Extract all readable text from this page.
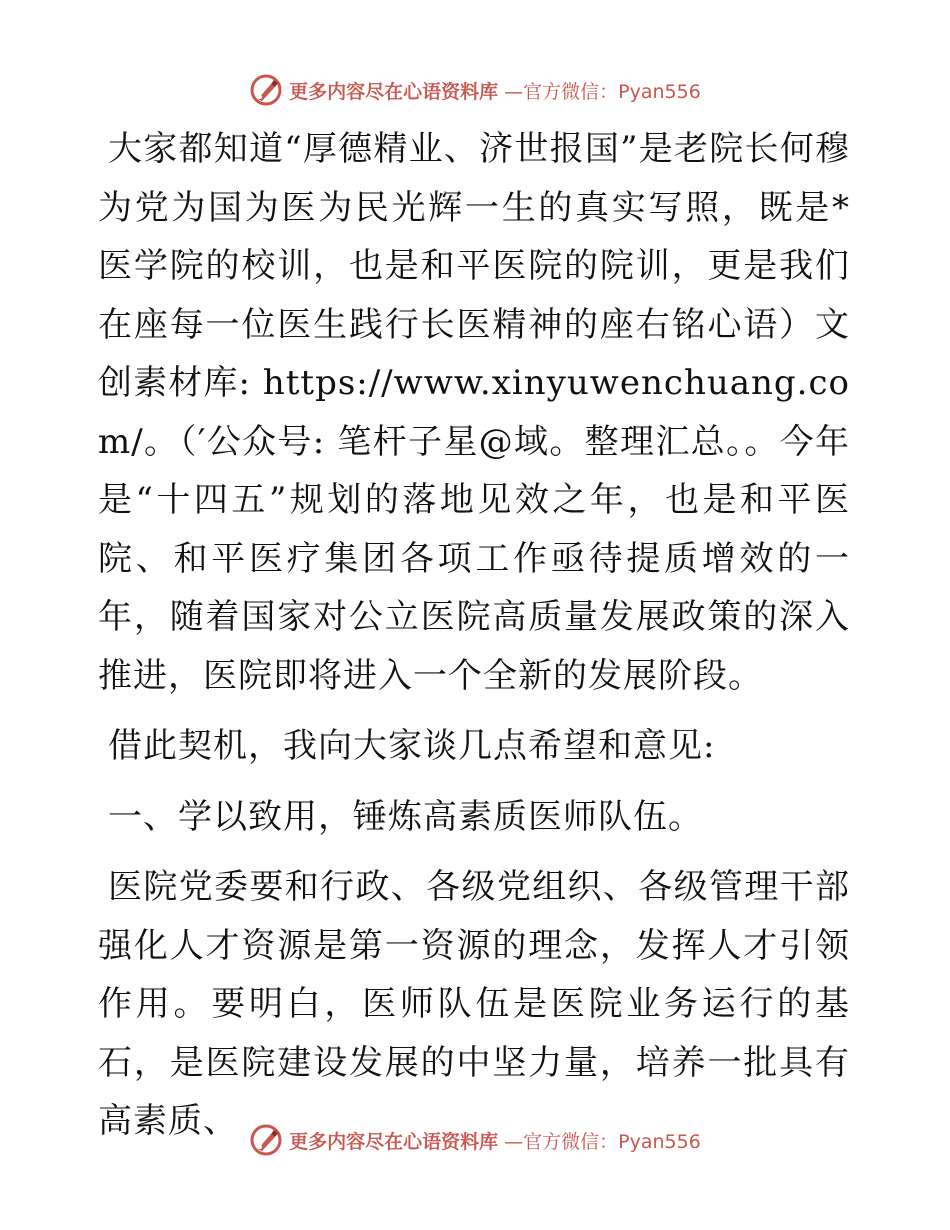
更多内容尽在心语资料库 —官方微信：Pyan556

大家都知道“厚德精业、济世报国”是老院长何穆为党为国为医为民光辉一生的真实写照，既是*医学院的校训，也是和平医院的院训，更是我们在座每一位医生践行长医精神的座右铭心语）文创素材库: https://www.xinyuwenchuang.com/。（′公众号: 笔杆子星@域。整理汇总。。今年是“十四五”规划的落地见效之年，也是和平医院、和平医疗集团各项工作亟待提质增效的一年，随着国家对公立医院高质量发展政策的深入推进，医院即将进入一个全新的发展阶段。

借此契机，我向大家谈几点希望和意见:

一、学以致用，锤炼高素质医师队伍。

医院党委要和行政、各级党组织、各级管理干部强化人才资源是第一资源的理念，发挥人才引领作用。要明白，医师队伍是医院业务运行的基石，是医院建设发展的中坚力量，培养一批具有高素质、

更多内容尽在心语资料库 —官方微信：Pyan556
